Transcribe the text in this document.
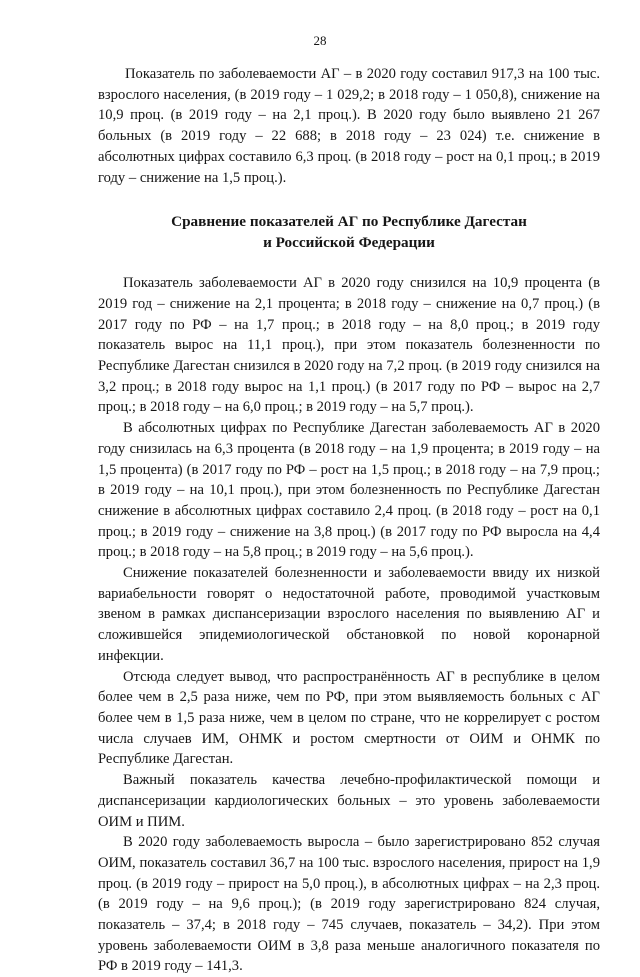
28

Показатель по заболеваемости АГ – в 2020 году составил 917,3 на 100 тыс. взрослого населения, (в 2019 году – 1 029,2; в 2018 году – 1 050,8), снижение на 10,9 проц. (в 2019 году – на 2,1 проц.). В 2020 году было выявлено 21 267 больных (в 2019 году – 22 688; в 2018 году – 23 024) т.е. снижение в абсолютных цифрах составило 6,3 проц. (в 2018 году – рост на 0,1 проц.; в 2019 году – снижение на 1,5 проц.).

Сравнение показателей АГ по Республике Дагестан
и Российской Федерации

Показатель заболеваемости АГ в 2020 году снизился на 10,9 процента (в 2019 год – снижение на 2,1 процента; в 2018 году – снижение на 0,7 проц.) (в 2017 году по РФ – на 1,7 проц.; в 2018 году – на 8,0 проц.; в 2019 году показатель вырос на 11,1 проц.), при этом показатель болезненности по Республике Дагестан снизился в 2020 году на 7,2 проц. (в 2019 году снизился на 3,2 проц.; в 2018 году вырос на 1,1 проц.) (в 2017 году по РФ – вырос на 2,7 проц.; в 2018 году – на 6,0 проц.; в 2019 году – на 5,7 проц.).

В абсолютных цифрах по Республике Дагестан заболеваемость АГ в 2020 году снизилась на 6,3 процента (в 2018 году – на 1,9 процента; в 2019 году – на 1,5 процента) (в 2017 году по РФ – рост на 1,5 проц.; в 2018 году – на 7,9 проц.; в 2019 году – на 10,1 проц.), при этом болезненность по Республике Дагестан снижение в абсолютных цифрах составило 2,4 проц. (в 2018 году – рост на 0,1 проц.; в 2019 году – снижение на 3,8 проц.) (в 2017 году по РФ выросла на 4,4 проц.; в 2018 году – на 5,8 проц.; в 2019 году – на 5,6 проц.).

Снижение показателей болезненности и заболеваемости ввиду их низкой вариабельности говорят о недостаточной работе, проводимой участковым звеном в рамках диспансеризации взрослого населения по выявлению АГ и сложившейся эпидемиологической обстановкой по новой коронарной инфекции.

Отсюда следует вывод, что распространённость АГ в республике в целом более чем в 2,5 раза ниже, чем по РФ, при этом выявляемость больных с АГ более чем в 1,5 раза ниже, чем в целом по стране, что не коррелирует с ростом числа случаев ИМ, ОНМК и ростом смертности от ОИМ и ОНМК по Республике Дагестан.

Важный показатель качества лечебно-профилактической помощи и диспансеризации кардиологических больных – это уровень заболеваемости ОИМ и ПИМ.

В 2020 году заболеваемость выросла – было зарегистрировано 852 случая ОИМ, показатель составил 36,7 на 100 тыс. взрослого населения, прирост на 1,9 проц. (в 2019 году – прирост на 5,0 проц.), в абсолютных цифрах – на 2,3 проц. (в 2019 году – на 9,6 проц.); (в 2019 году зарегистрировано 824 случая, показатель – 37,4; в 2018 году – 745 случаев, показатель – 34,2). При этом уровень заболеваемости ОИМ в 3,8 раза меньше аналогичного показателя по РФ в 2019 году – 141,3.
